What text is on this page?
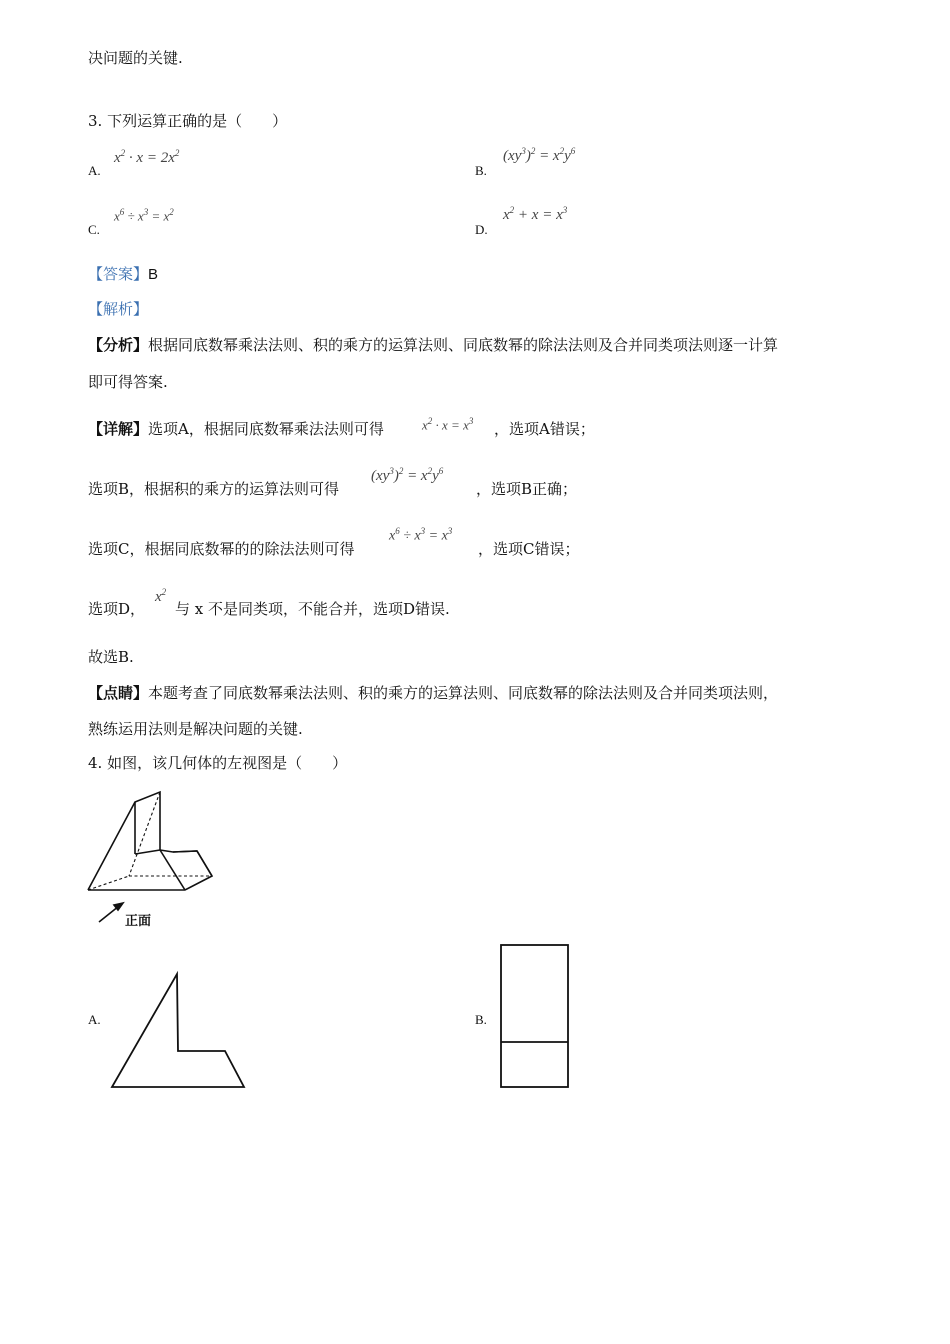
决问题的关键.
3. 下列运算正确的是（　　）
A.
$x^2 \cdot x = 2x^2$
B.
$(xy^3)^2 = x^2y^6$
C.
$x^6 \div x^3 = x^2$
D.
$x^2 + x = x^3$
【答案】B
【解析】
【分析】根据同底数幂乘法法则、积的乘方的运算法则、同底数幂的除法法则及合并同类项法则逐一计算
即可得答案.
【详解】选项A，根据同底数幂乘法法则可得	$x^2 \cdot x = x^3$ ，选项A错误；
选项B，根据积的乘方的运算法则可得
$(xy^3)^2 = x^2y^6$
，选项B正确；
选项C，根据同底数幂的的除法法则可得
$x^6 \div x^3 = x^3$
，选项C错误；
选项D，
$x^2$
与 x 不是同类项，不能合并，选项D错误.
故选B.
【点睛】本题考查了同底数幂乘法法则、积的乘方的运算法则、同底数幂的除法法则及合并同类项法则，
熟练运用法则是解决问题的关键.
4. 如图，该几何体的左视图是（　　）
正面
A.	B.
